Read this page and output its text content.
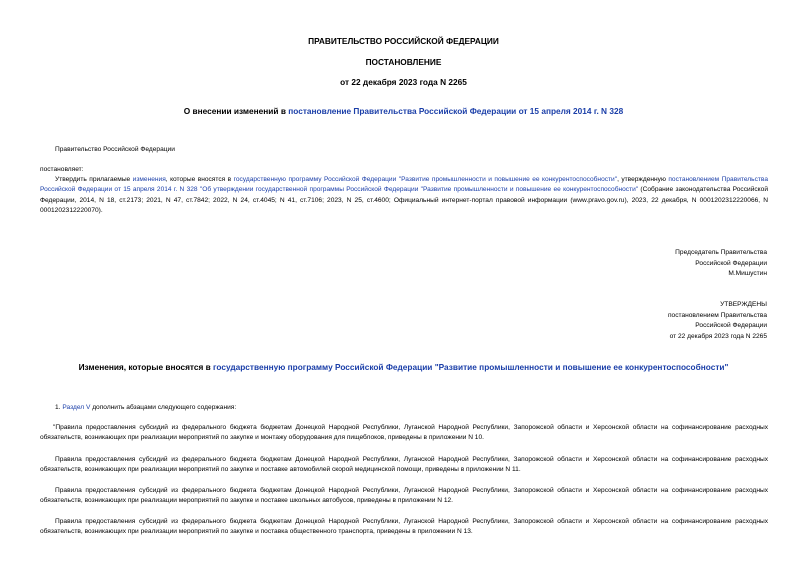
ПРАВИТЕЛЬСТВО РОССИЙСКОЙ ФЕДЕРАЦИИ
ПОСТАНОВЛЕНИЕ
от 22 декабря 2023 года N 2265
О внесении изменений в постановление Правительства Российской Федерации от 15 апреля 2014 г. N 328
Правительство Российской Федерации
постановляет:
Утвердить прилагаемые изменения, которые вносятся в государственную программу Российской Федерации "Развитие промышленности и повышение ее конкурентоспособности", утвержденную постановлением Правительства Российской Федерации от 15 апреля 2014 г. N 328 "Об утверждении государственной программы Российской Федерации "Развитие промышленности и повышение ее конкурентоспособности" (Собрание законодательства Российской Федерации, 2014, N 18, ст.2173; 2021, N 47, ст.7842; 2022, N 24, ст.4045; N 41, ст.7106; 2023, N 25, ст.4600; Официальный интернет-портал правовой информации (www.pravo.gov.ru), 2023, 22 декабря, N 0001202312220066, N 0001202312220070).
Председатель Правительства
Российской Федерации
М.Мишустин
УТВЕРЖДЕНЫ
постановлением Правительства
Российской Федерации
от 22 декабря 2023 года N 2265
Изменения, которые вносятся в государственную программу Российской Федерации "Развитие промышленности и повышение ее конкурентоспособности"
1. Раздел V дополнить абзацами следующего содержания:
"Правила предоставления субсидий из федерального бюджета бюджетам Донецкой Народной Республики, Луганской Народной Республики, Запорожской области и Херсонской области на софинансирование расходных обязательств, возникающих при реализации мероприятий по закупке и монтажу оборудования для пищеблоков, приведены в приложении N 10.
Правила предоставления субсидий из федерального бюджета бюджетам Донецкой Народной Республики, Луганской Народной Республики, Запорожской области и Херсонской области на софинансирование расходных обязательств, возникающих при реализации мероприятий по закупке и поставке автомобилей скорой медицинской помощи, приведены в приложении N 11.
Правила предоставления субсидий из федерального бюджета бюджетам Донецкой Народной Республики, Луганской Народной Республики, Запорожской области и Херсонской области на софинансирование расходных обязательств, возникающих при реализации мероприятий по закупке и поставке школьных автобусов, приведены в приложении N 12.
Правила предоставления субсидий из федерального бюджета бюджетам Донецкой Народной Республики, Луганской Народной Республики, Запорожской области и Херсонской области на софинансирование расходных обязательств, возникающих при реализации мероприятий по закупке и поставка общественного транспорта, приведены в приложении N 13.
